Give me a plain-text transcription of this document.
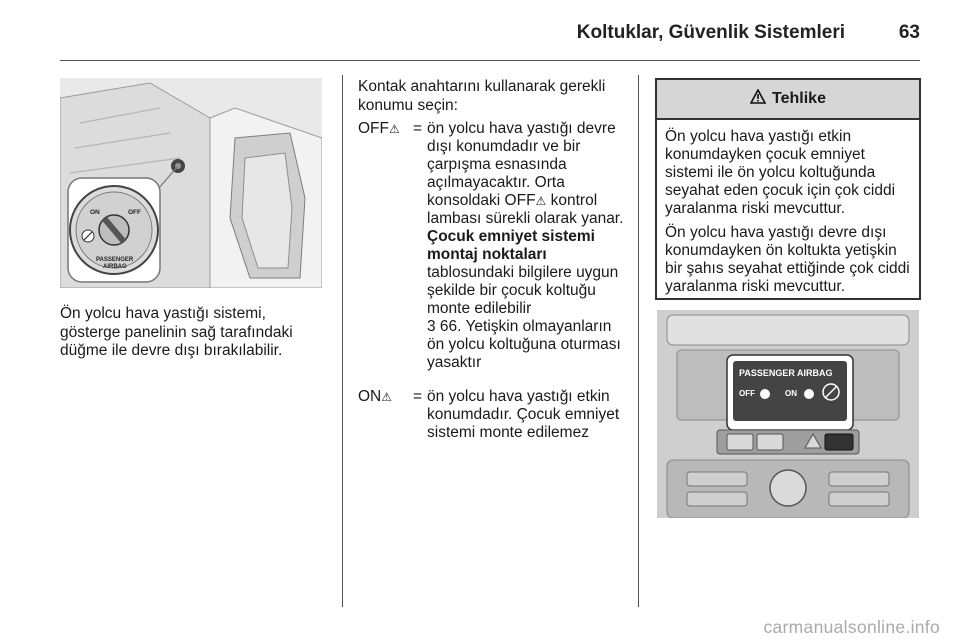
Koltuklar, Güvenlik Sistemleri	63
ON	OFF
PASSENGER
AIRBAG
Ön yolcu hava yastığı sistemi, gösterge panelinin sağ tarafındaki düğme ile devre dışı bırakılabilir.
Kontak anahtarını kullanarak gerekli konumu seçin:
OFF⚠ = ön yolcu hava yastığı devre dışı konumdadır ve bir çarpışma esnasında açılmayacaktır. Orta konsoldaki OFF⚠ kontrol lambası sürekli olarak yanar. Çocuk emniyet sistemi montaj noktaları tablosundaki bilgilere uygun şekilde bir çocuk koltuğu monte edilebilir
3 66. Yetişkin olmayanların ön yolcu koltuğuna oturması yasaktır
ON⚠ = ön yolcu hava yastığı etkin konumdadır. Çocuk emniyet sistemi monte edilemez
Tehlike

Ön yolcu hava yastığı etkin konumdayken çocuk emniyet sistemi ile ön yolcu koltuğunda seyahat eden çocuk için çok ciddi yaralanma riski mevcuttur.

Ön yolcu hava yastığı devre dışı konumdayken ön koltukta yetişkin bir şahıs seyahat ettiğinde çok ciddi yaralanma riski mevcuttur.

PASSENGER AIRBAG
OFF	ON
carmanualsonline.info
